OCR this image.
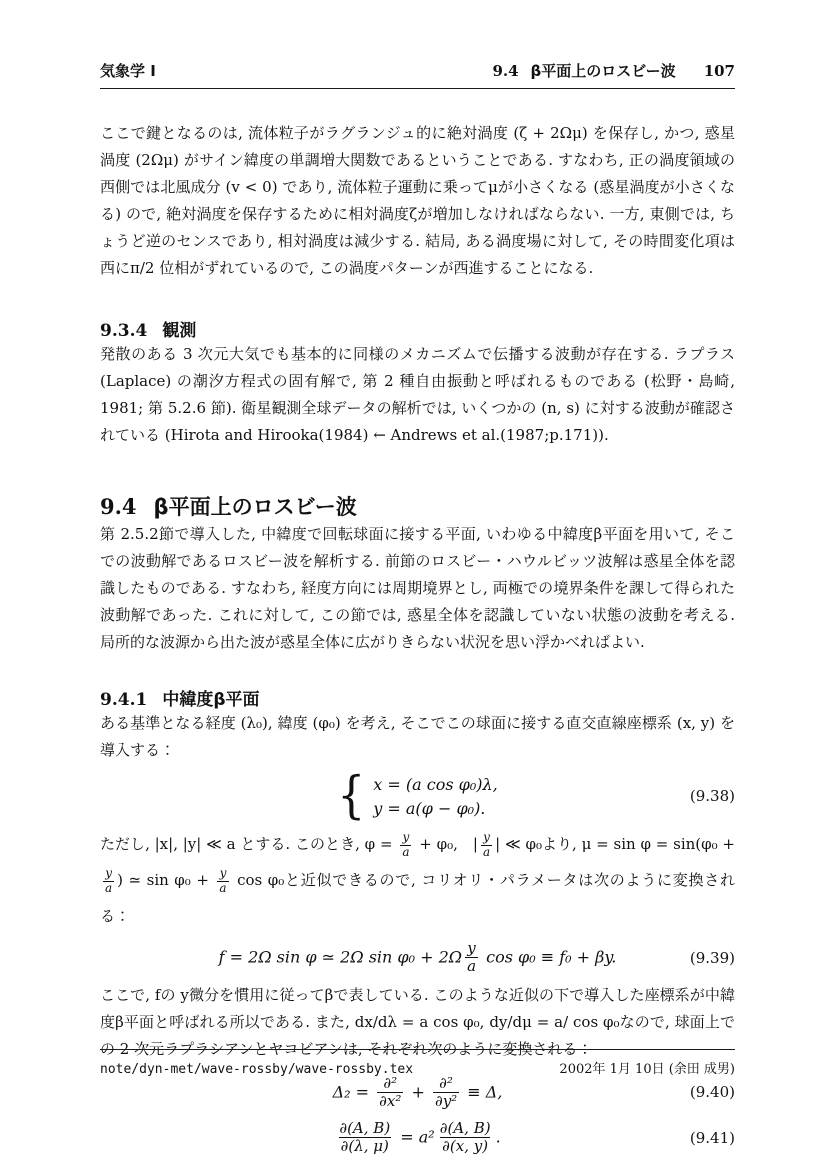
気象学 I	9.4 β平面上のロスビー波 107

ここで鍵となるのは, 流体粒子がラグランジュ的に絶対渦度 (ζ + 2Ωμ) を保存し, かつ, 惑星渦度 (2Ωμ) がサイン緯度の単調増大関数であるということである. すなわち, 正の渦度領域の西側では北風成分 (v < 0) であり, 流体粒子運動に乗ってμが小さくなる (惑星渦度が小さくなる) ので, 絶対渦度を保存するために相対渦度ζが増加しなければならない. 一方, 東側では, ちょうど逆のセンスであり, 相対渦度は減少する. 結局, ある渦度場に対して, その時間変化項は西にπ/2 位相がずれているので, この渦度パターンが西進することになる.

9.3.4 観測

発散のある 3 次元大気でも基本的に同様のメカニズムで伝播する波動が存在する. ラプラス (Laplace) の潮汐方程式の固有解で, 第 2 種自由振動と呼ばれるものである (松野・島崎, 1981; 第 5.2.6 節). 衛星観測全球データの解析では, いくつかの (n, s) に対する波動が確認されている (Hirota and Hirooka(1984) ← Andrews et al.(1987;p.171)).

9.4 β平面上のロスビー波

第 2.5.2節で導入した, 中緯度で回転球面に接する平面, いわゆる中緯度β平面を用いて, そこでの波動解であるロスビー波を解析する. 前節のロスビー・ハウルビッツ波解は惑星全体を認識したものである. すなわち, 経度方向には周期境界とし, 両極での境界条件を課して得られた波動解であった. これに対して, この節では, 惑星全体を認識していない状態の波動を考える. 局所的な波源から出た波が惑星全体に広がりきらない状況を思い浮かべればよい.

9.4.1 中緯度β平面

ある基準となる経度 (λ₀), 緯度 (φ₀) を考え, そこでこの球面に接する直交直線座標系 (x, y) を導入する：

{ x = (a cos φ₀)λ,
y = a(φ − φ₀).
(9.38)

ただし, |x|, |y| ≪ a とする. このとき, $\varphi = \frac{y}{a} + \varphi_0$,  | $\frac{y}{a}$ | ≪ φ₀より, μ = sin φ = sin(φ₀ +
$\frac{y}{a}$ ) ≃ $\sin \varphi_0 + \frac{y}{a}$ cos φ₀と近似できるので, コリオリ・パラメータは次のように変換される：

f = 2Ω sin φ ≃ 2Ω $\sin \varphi_0 + 2\Omega \frac{y}{a}$ cos φ₀ ≡ f₀ + βy.	(9.39)

ここで, fの y微分を慣用に従ってβで表している. このような近似の下で導入した座標系が中緯度β平面と呼ばれる所以である. また, dx/dλ = a cos φ₀, dy/dμ = a/ cos φ₀なので, 球面上での 2 次元ラプラシアンとヤコビアンは, それぞれ次のように変換される：

$\Delta_2 = \frac{\text{∂²}}{\text{∂x²}} + \frac{\text{∂²}}{\text{∂y²}} \equiv \Delta$,	(9.40)
$\frac{\partial(A, B)}{\partial(\lambda, \mu)} = a^2 \frac{\partial(A, B)}{\partial(x, y)}$ .	(9.41)
note/dyn-met/wave-rossby/wave-rossby.tex	2002年 1月 10日 (余田 成男)
